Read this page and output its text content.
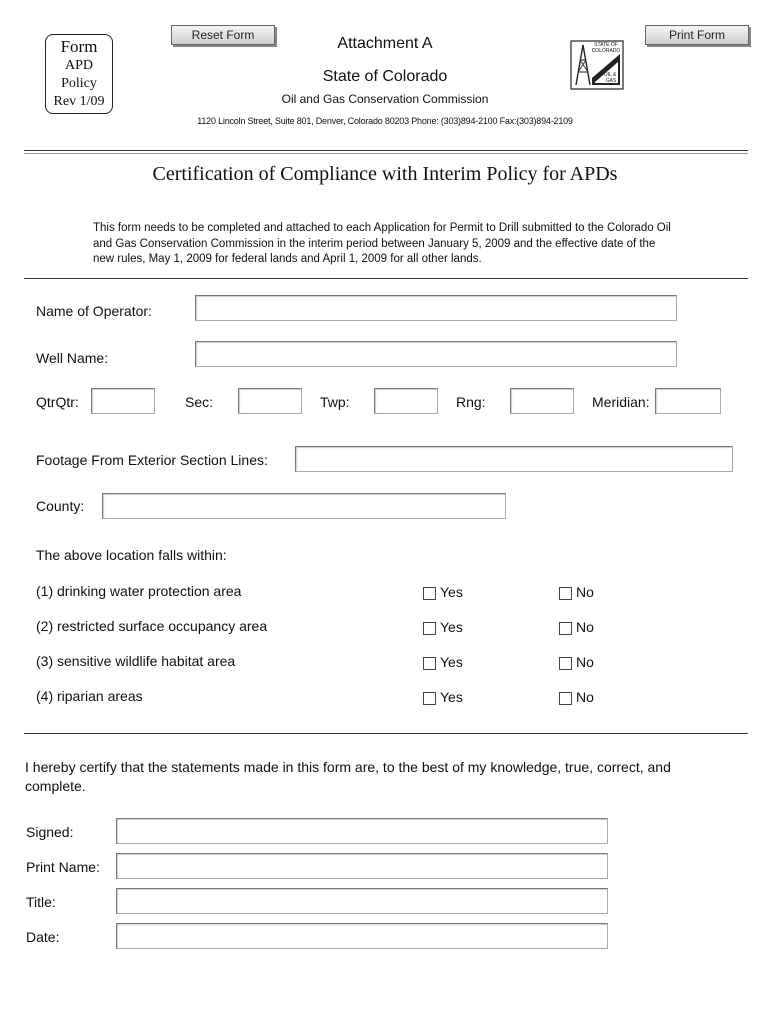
Reset Form	Print Form
Form
APD
Policy
Rev 1/09
Attachment A
State of Colorado
Oil and Gas Conservation Commission
1120 Lincoln Street, Suite 801, Denver, Colorado 80203 Phone: (303)894-2100 Fax:(303)894-2109
OIL &
GAS
STATE OF COLORADO
Certification of Compliance with Interim Policy for APDs
This form needs to be completed and attached to each Application for Permit to Drill submitted to the Colorado Oil and Gas Conservation Commission in the interim period between January 5, 2009 and the effective date of the new rules, May 1, 2009 for federal lands and April 1, 2009 for all other lands.
Name of Operator:
Well Name:
QtrQtr:	Sec:	Twp:	Rng:	Meridian:
Footage From Exterior Section Lines:
County:
The above location falls within:
(1) drinking water protection area	Yes	No
(2) restricted surface occupancy area	Yes	No
(3) sensitive wildlife habitat area	Yes	No
(4) riparian areas	Yes	No
I hereby certify that the statements made in this form are, to the best of my knowledge, true, correct, and complete.
Signed:
Print Name:
Title:
Date:
